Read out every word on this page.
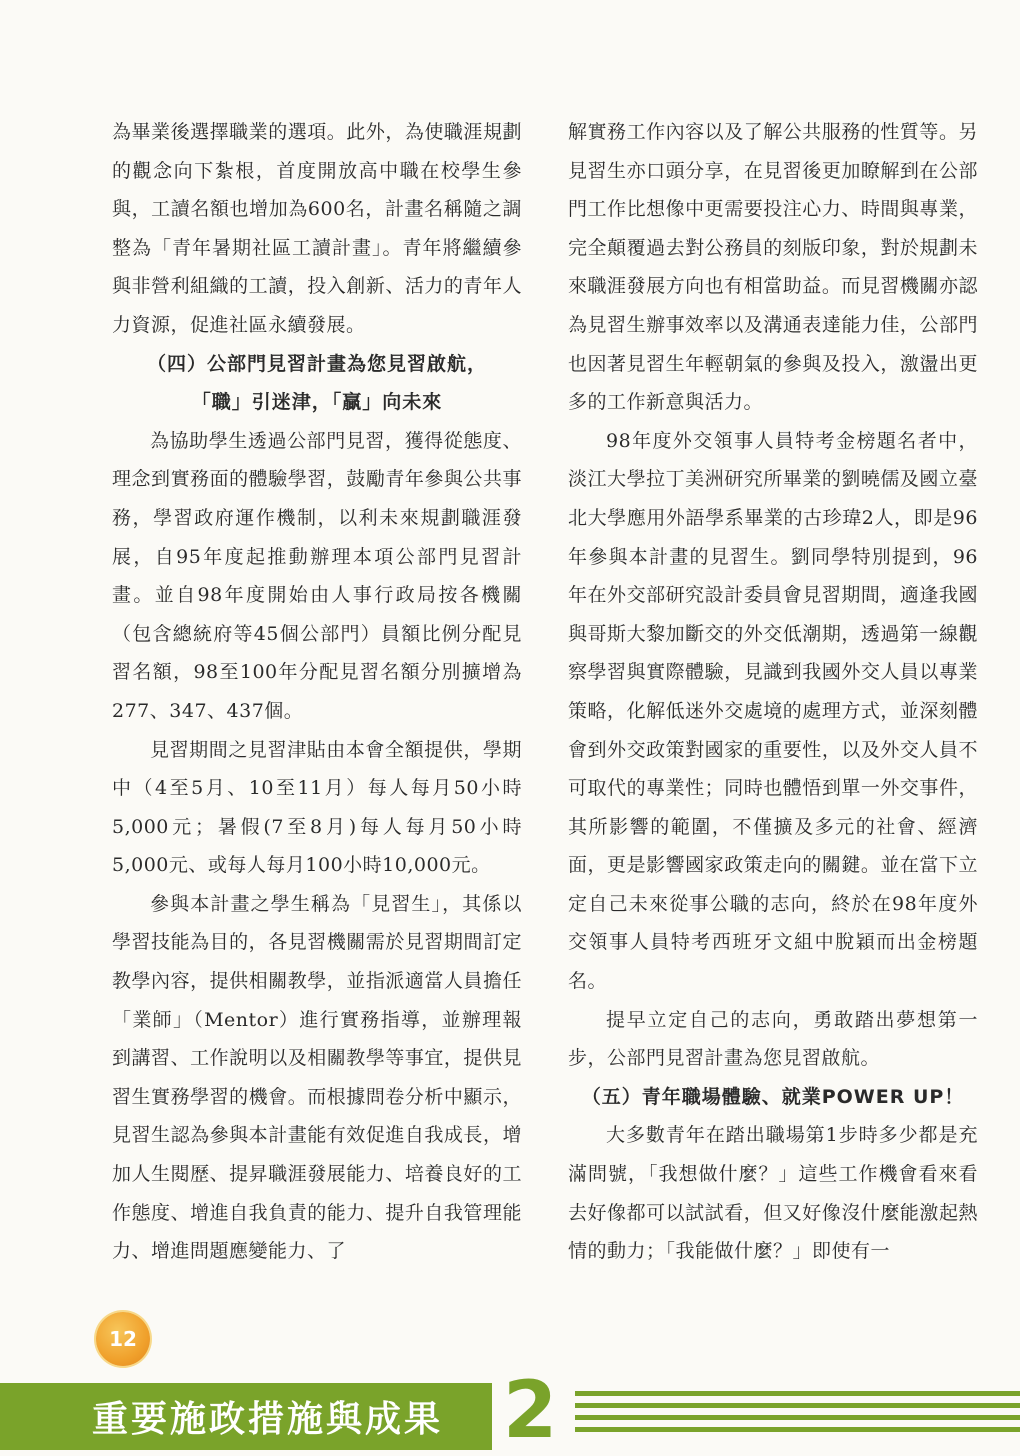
為畢業後選擇職業的選項。此外，為使職涯規劃的觀念向下紮根，首度開放高中職在校學生參與，工讀名額也增加為600名，計畫名稱隨之調整為「青年暑期社區工讀計畫」。青年將繼續參與非營利組織的工讀，投入創新、活力的青年人力資源，促進社區永續發展。

（四）公部門見習計畫為您見習啟航，

「職」引迷津，「贏」向未來

為協助學生透過公部門見習，獲得從態度、理念到實務面的體驗學習，鼓勵青年參與公共事務，學習政府運作機制，以利未來規劃職涯發展，自95年度起推動辦理本項公部門見習計畫。並自98年度開始由人事行政局按各機關（包含總統府等45個公部門）員額比例分配見習名額，98至100年分配見習名額分別擴增為277、347、437個。

見習期間之見習津貼由本會全額提供，學期中（4至5月、10至11月）每人每月50小時5,000元；暑假(7至8月)每人每月50小時5,000元、或每人每月100小時10,000元。

參與本計畫之學生稱為「見習生」，其係以學習技能為目的，各見習機關需於見習期間訂定教學內容，提供相關教學，並指派適當人員擔任「業師」（Mentor）進行實務指導，並辦理報到講習、工作說明以及相關教學等事宜，提供見習生實務學習的機會。而根據問卷分析中顯示，見習生認為參與本計畫能有效促進自我成長，增加人生閱歷、提昇職涯發展能力、培養良好的工作態度、增進自我負責的能力、提升自我管理能力、增進問題應變能力、了

解實務工作內容以及了解公共服務的性質等。另見習生亦口頭分享，在見習後更加瞭解到在公部門工作比想像中更需要投注心力、時間與專業，完全顛覆過去對公務員的刻版印象，對於規劃未來職涯發展方向也有相當助益。而見習機關亦認為見習生辦事效率以及溝通表達能力佳，公部門也因著見習生年輕朝氣的參與及投入，激盪出更多的工作新意與活力。

98年度外交領事人員特考金榜題名者中，淡江大學拉丁美洲研究所畢業的劉曉儒及國立臺北大學應用外語學系畢業的古珍瑋2人，即是96年參與本計畫的見習生。劉同學特別提到，96年在外交部研究設計委員會見習期間，適逢我國與哥斯大黎加斷交的外交低潮期，透過第一線觀察學習與實際體驗，見識到我國外交人員以專業策略，化解低迷外交處境的處理方式，並深刻體會到外交政策對國家的重要性，以及外交人員不可取代的專業性；同時也體悟到單一外交事件，其所影響的範圍，不僅擴及多元的社會、經濟面，更是影響國家政策走向的關鍵。並在當下立定自己未來從事公職的志向，終於在98年度外交領事人員特考西班牙文組中脫穎而出金榜題名。

提早立定自己的志向，勇敢踏出夢想第一步，公部門見習計畫為您見習啟航。

（五）青年職場體驗、就業POWER UP！

大多數青年在踏出職場第1步時多少都是充滿問號，「我想做什麼？」這些工作機會看來看去好像都可以試試看，但又好像沒什麼能激起熱情的動力；「我能做什麼？」即使有一

12
重要施政措施與成果 2
